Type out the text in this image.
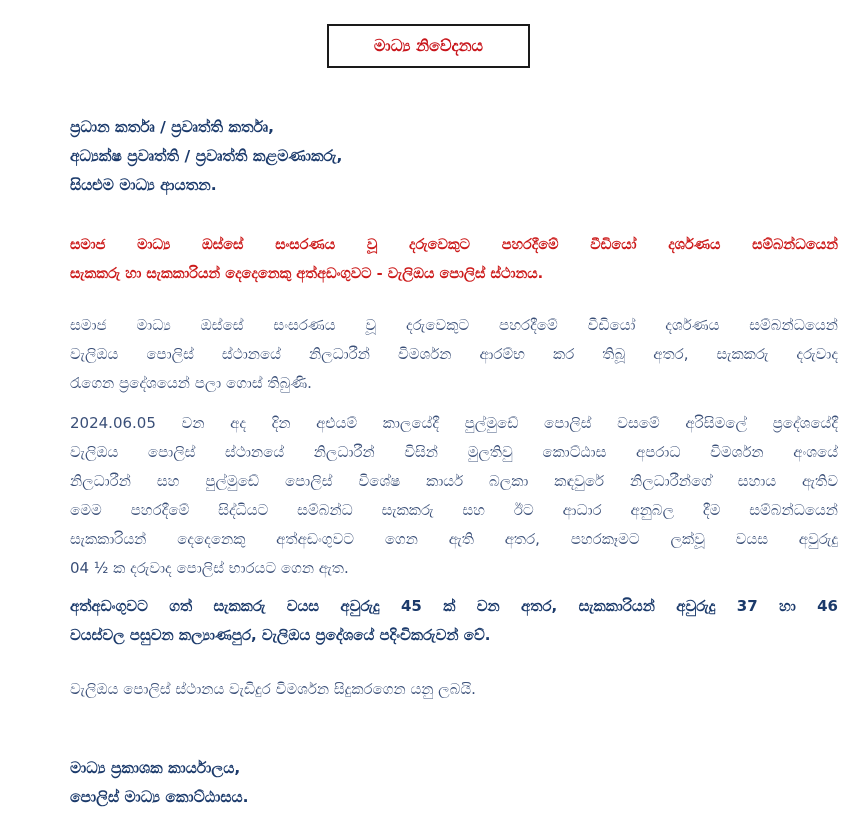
මාධ්‍ය නිවේදනය
ප්‍රධාන කර්තෘ / ප්‍රවෘත්ති කර්තෘ,
අධ්‍යක්ෂ ප්‍රවෘත්ති / ප්‍රවෘත්ති කළමණාකරු,
සියළුම මාධ්‍ය ආයතන.
සමාජ මාධ්‍ය ඔස්සේ සංසරණය වූ දරුවෙකුට පහරදීමේ වීඩියෝ දර්ශණය සම්බන්ධයෙන්
සැකකරු හා සැකකාරියන් දෙදෙනෙකු අත්අඩංගුවට - වැලිඔය පොලිස් ස්ථානය.
සමාජ මාධ්‍ය ඔස්සේ සංසරණය වූ දරුවෙකුට පහරදීමේ වීඩියෝ දර්ශණය සම්බන්ධයෙන්
වැලිඔය පොලිස් ස්ථානයේ නිලධාරීන් විමර්ශන ආරම්භ කර තිබූ අතර, සැකකරු දරුවාද
රැගෙන ප්‍රදේශයෙන් පලා ගොස් තිබුණි.
2024.06.05 වන අද දින අළුයම් කාලයේදී පුල්මුඩේ පොලිස් වසමේ අරිසිමලේ ප්‍රදේශයේදී
වැලිඔය පොලිස් ස්ථානයේ නිලධාරීන් විසින් මුලතිවු කොට්ඨාස අපරාධ විමර්ශන අංශයේ
නිලධාරීන් සහ පුල්මුඩේ පොලිස් විශේෂ කාර්ය බලකා කඳවුරේ නිලධාරීන්ගේ සහාය ඇතිව
මෙම පහරදීමේ සිද්ධියට සම්බන්ධ සැකකරු සහ ඊට ආධාර අනුබල දීම සම්බන්ධයෙන්
සැකකාරියන් දෙදෙනෙකු අත්අඩංගුවට ගෙන ඇති අතර, පහරකෑමට ලක්වූ වයස අවුරුදු
04 ½ ක දරුවාද පොලිස් භාරයට ගෙන ඇත.
අත්අඩංගුවට ගත් සැකකරු වයස අවුරුදු 45 ක් වන අතර, සැකකාරියන් අවුරුදු 37 හා 46
වයස්වල පසුවන කල්‍යාණපුර, වැලිඔය ප්‍රදේශයේ පදිංචිකරුවන් වේ.
වැලිඔය පොලිස් ස්ථානය වැඩිදුර විමර්ශන සිදුකරගෙන යනු ලබයි.
මාධ්‍ය ප්‍රකාශක කාර්යාලය,
පොලිස් මාධ්‍ය කොට්ඨාසය.
